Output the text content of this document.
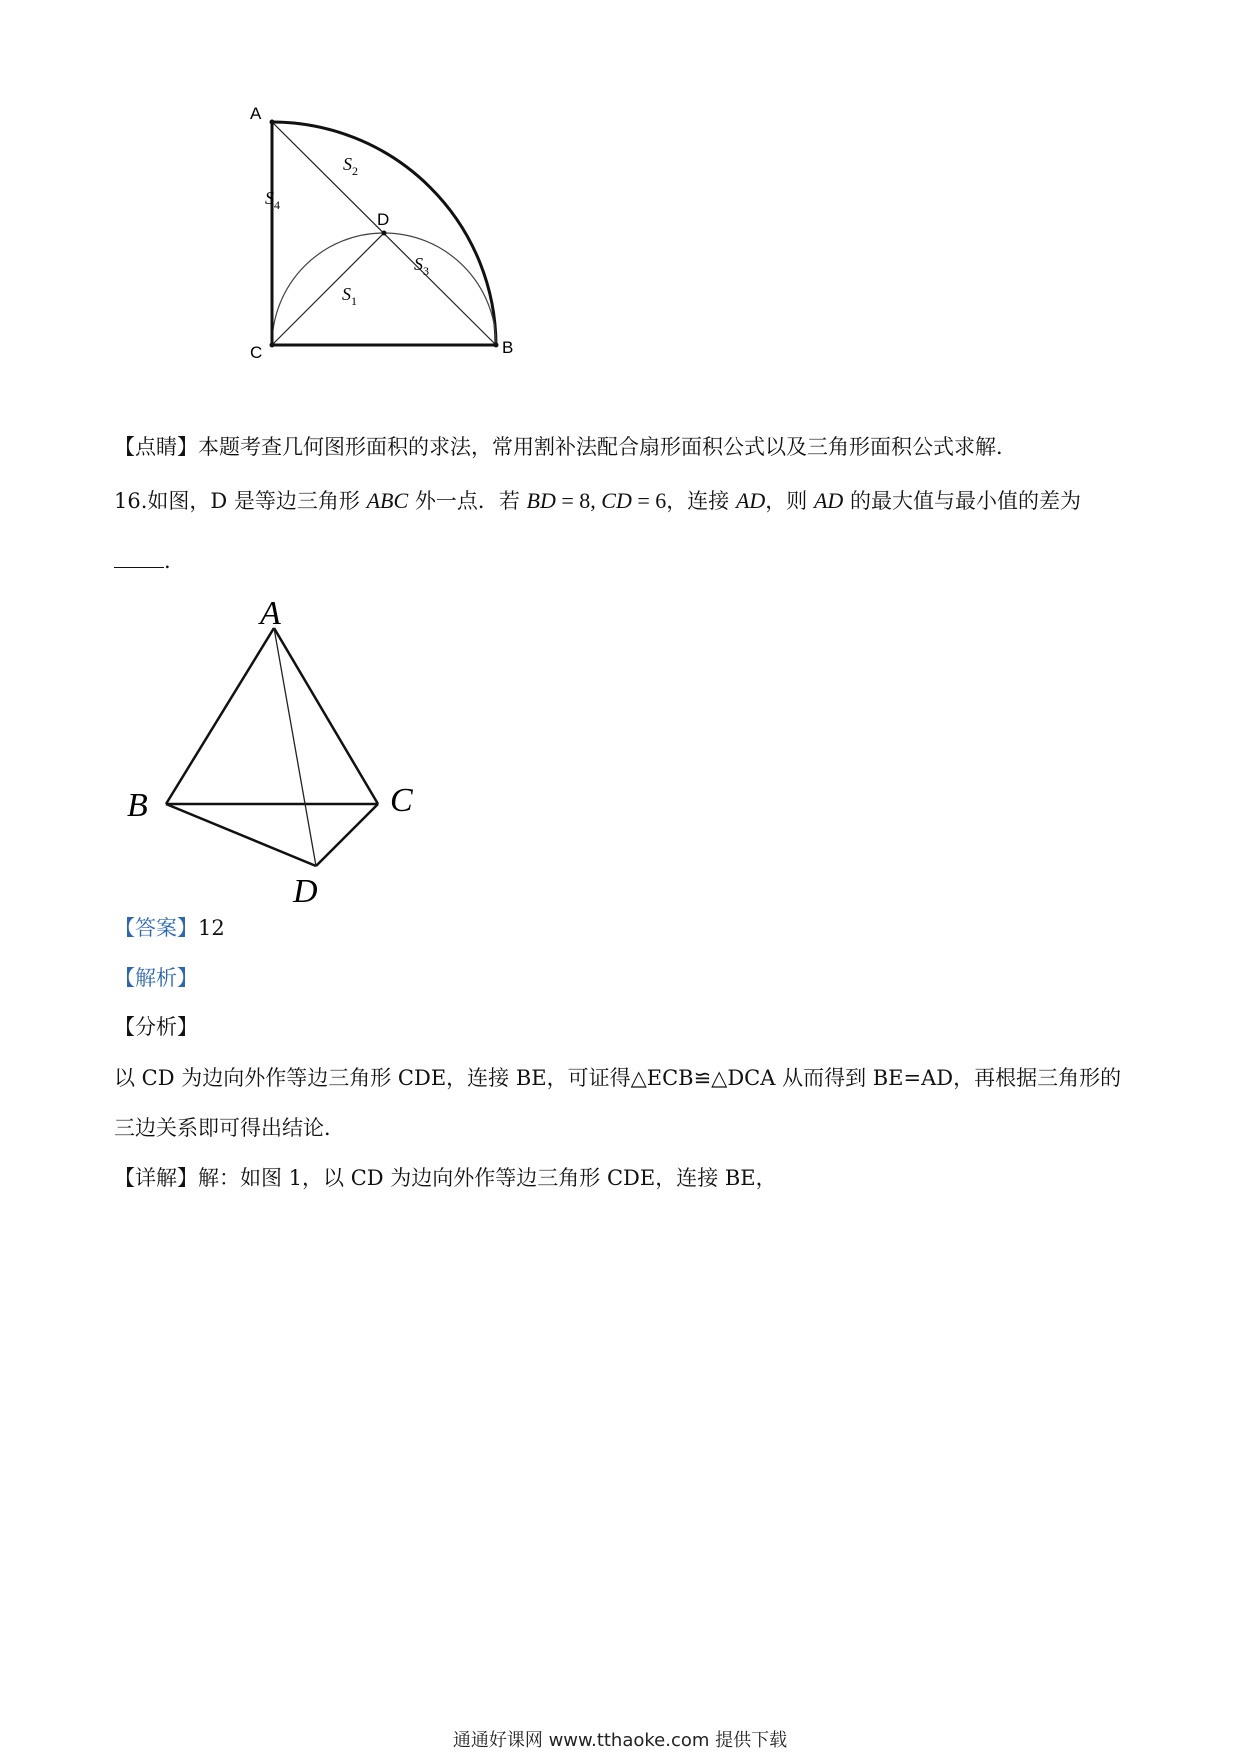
A
B
C
D
$S_2$
$S_4$
$S_3$
$S_1$
【点睛】本题考查几何图形面积的求法，常用割补法配合扇形面积公式以及三角形面积公式求解．
16.如图，D 是等边三角形 ABC 外一点．若 BD = 8, CD = 6，连接 AD，则 AD 的最大值与最小值的差为
.
A
B	C
D
【答案】12
【解析】
【分析】
以 CD 为边向外作等边三角形 CDE，连接 BE，可证得△ECB≌△DCA 从而得到 BE=AD，再根据三角形的
三边关系即可得出结论．
【详解】解：如图 1，以 CD 为边向外作等边三角形 CDE，连接 BE，
通通好课网 www.tthaoke.com 提供下载
